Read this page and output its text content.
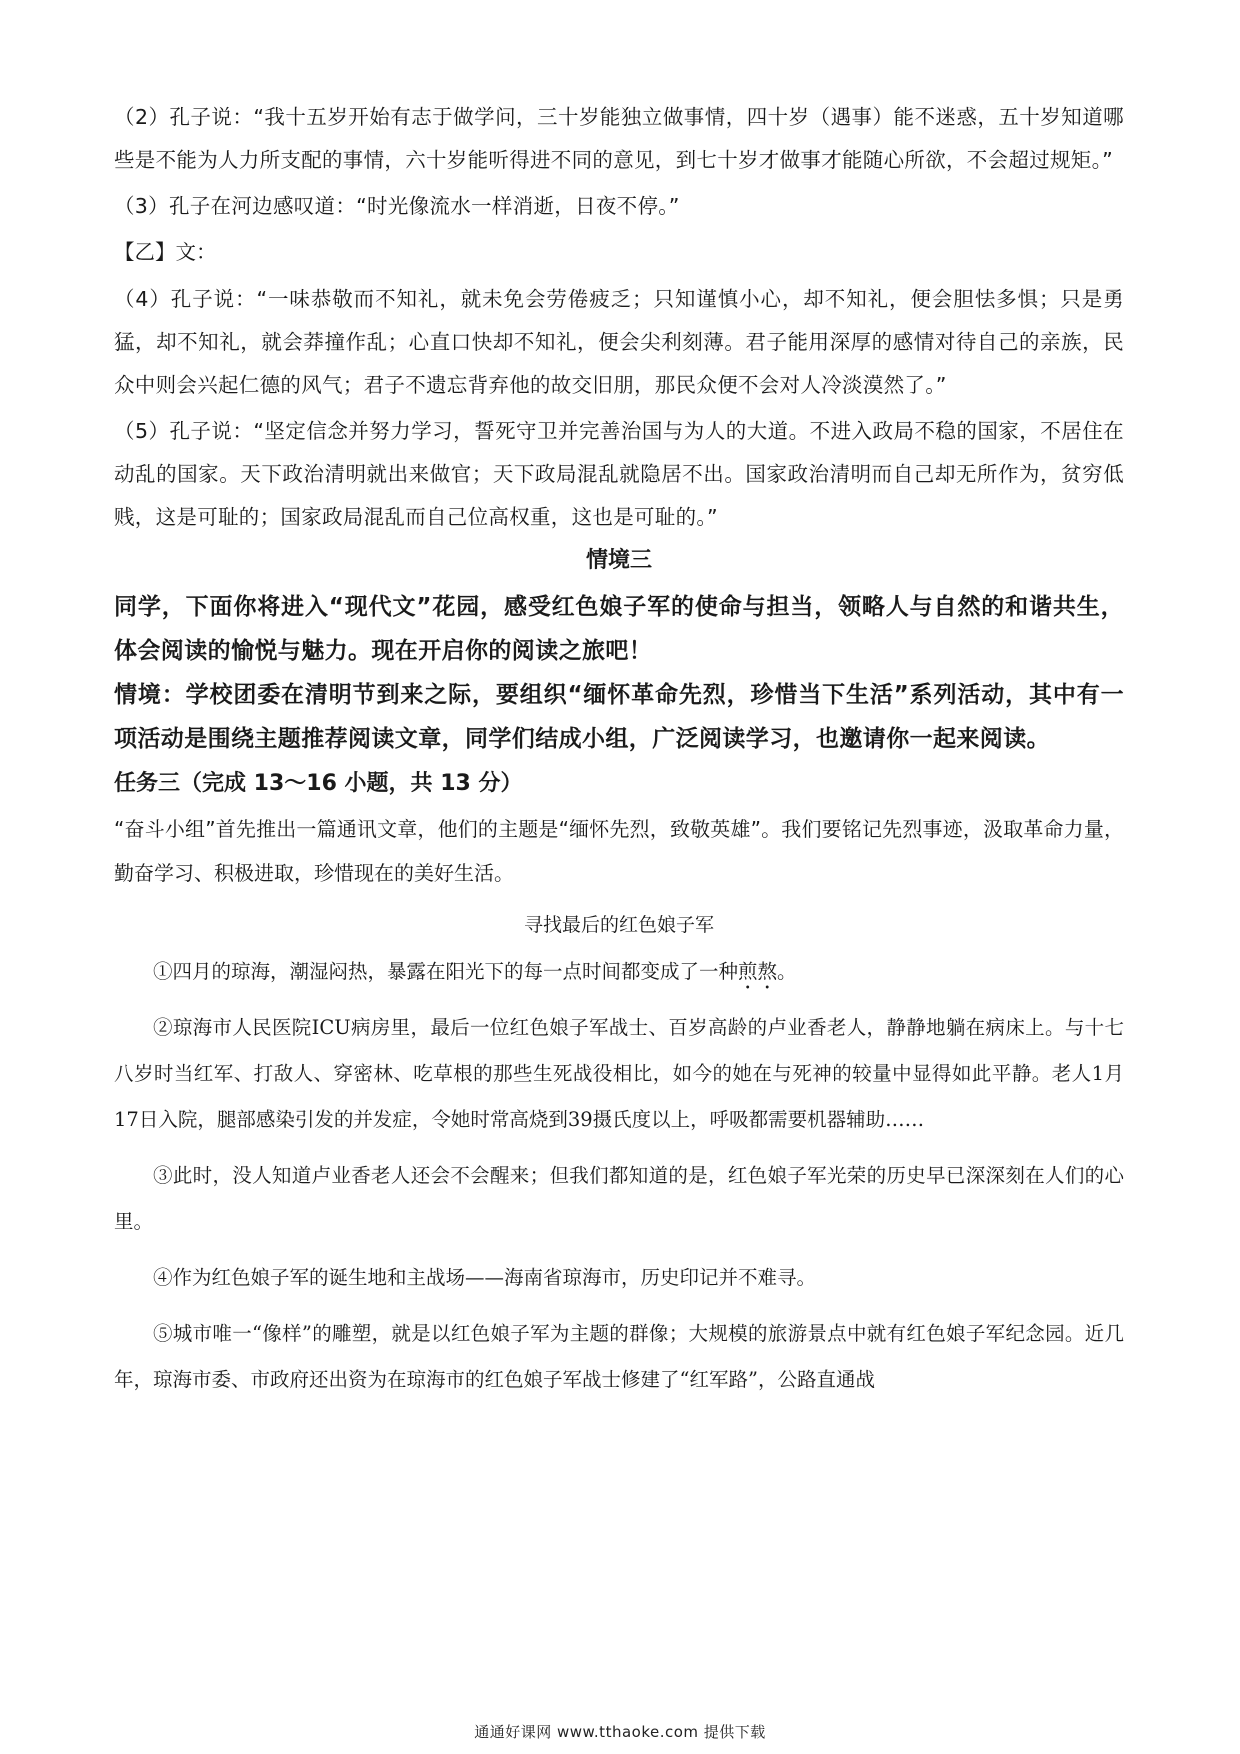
（2）孔子说：“我十五岁开始有志于做学问，三十岁能独立做事情，四十岁（遇事）能不迷惑，五十岁知道哪些是不能为人力所支配的事情，六十岁能听得进不同的意见，到七十岁才做事才能随心所欲，不会超过规矩。”

（3）孔子在河边感叹道：“时光像流水一样消逝，日夜不停。”

【乙】文：

（4）孔子说：“一味恭敬而不知礼，就未免会劳倦疲乏；只知谨慎小心，却不知礼，便会胆怯多惧；只是勇猛，却不知礼，就会莽撞作乱；心直口快却不知礼，便会尖利刻薄。君子能用深厚的感情对待自己的亲族，民众中则会兴起仁德的风气；君子不遗忘背弃他的故交旧朋，那民众便不会对人冷淡漠然了。”

（5）孔子说：“坚定信念并努力学习，誓死守卫并完善治国与为人的大道。不进入政局不稳的国家，不居住在动乱的国家。天下政治清明就出来做官；天下政局混乱就隐居不出。国家政治清明而自己却无所作为，贫穷低贱，这是可耻的；国家政局混乱而自己位高权重，这也是可耻的。”

情境三

同学，下面你将进入“现代文”花园，感受红色娘子军的使命与担当，领略人与自然的和谐共生，体会阅读的愉悦与魅力。现在开启你的阅读之旅吧！

情境：学校团委在清明节到来之际，要组织“缅怀革命先烈，珍惜当下生活”系列活动，其中有一项活动是围绕主题推荐阅读文章，同学们结成小组，广泛阅读学习，也邀请你一起来阅读。

任务三（完成 13～16 小题，共 13 分）

“奋斗小组”首先推出一篇通讯文章，他们的主题是“缅怀先烈，致敬英雄”。我们要铭记先烈事迹，汲取革命力量，勤奋学习、积极进取，珍惜现在的美好生活。

寻找最后的红色娘子军

①四月的琼海，潮湿闷热，暴露在阳光下的每一点时间都变成了一种煎熬。

②琼海市人民医院ICU病房里，最后一位红色娘子军战士、百岁高龄的卢业香老人，静静地躺在病床上。与十七八岁时当红军、打敌人、穿密林、吃草根的那些生死战役相比，如今的她在与死神的较量中显得如此平静。老人1月17日入院，腿部感染引发的并发症，令她时常高烧到39摄氏度以上，呼吸都需要机器辅助……

③此时，没人知道卢业香老人还会不会醒来；但我们都知道的是，红色娘子军光荣的历史早已深深刻在人们的心里。

④作为红色娘子军的诞生地和主战场——海南省琼海市，历史印记并不难寻。

⑤城市唯一“像样”的雕塑，就是以红色娘子军为主题的群像；大规模的旅游景点中就有红色娘子军纪念园。近几年，琼海市委、市政府还出资为在琼海市的红色娘子军战士修建了“红军路”，公路直通战

通通好课网 www.tthaoke.com 提供下载
